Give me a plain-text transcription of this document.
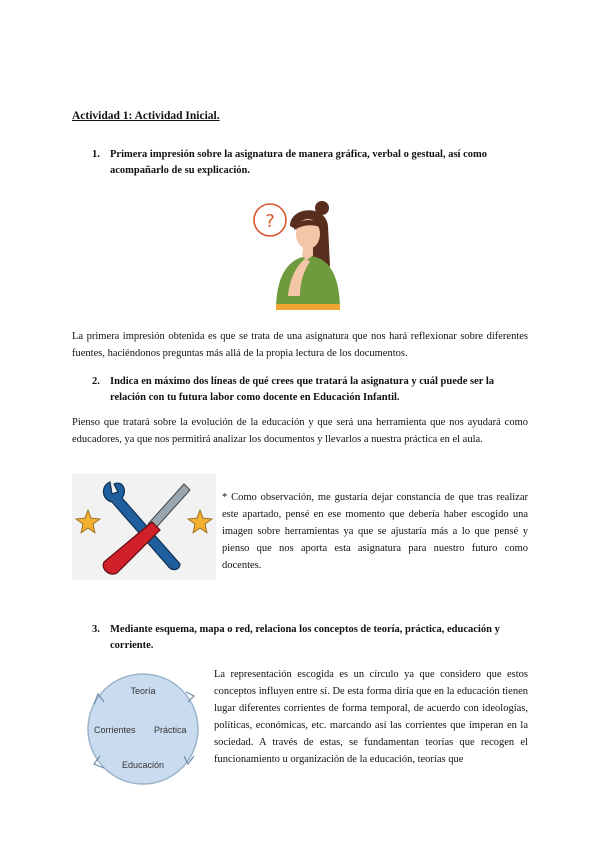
Actividad 1: Actividad Inicial.
1. Primera impresión sobre la asignatura de manera gráfica, verbal o gestual, así como acompañarlo de su explicación.
?
La primera impresión obtenida es que se trata de una asignatura que nos hará reflexionar sobre diferentes fuentes, haciéndonos preguntas más allá de la propia lectura de los documentos.
2. Indica en máximo dos líneas de qué crees que tratará la asignatura y cuál puede ser la relación con tu futura labor como docente en Educación Infantil.
Pienso que tratará sobre la evolución de la educación y que será una herramienta que nos ayudará como educadores, ya que nos permitirá analizar los documentos y llevarlos a nuestra práctica en el aula.
* Como observación, me gustaría dejar constancia de que tras realizar este apartado, pensé en ese momento que debería haber escogido una imagen sobre herramientas ya que se ajustaría más a lo que pensé y pienso que nos aporta esta asignatura para nuestro futuro como docentes.
3. Mediante esquema, mapa o red, relaciona los conceptos de teoría, práctica, educación y corriente.
Teoría
Corrientes Práctica
Educación
La representación escogida es un círculo ya que considero que estos conceptos influyen entre sí. De esta forma diría que en la educación tienen lugar diferentes corrientes de forma temporal, de acuerdo con ideologías, políticas, económicas, etc. marcando así las corrientes que imperan en la sociedad. A través de estas, se fundamentan teorías que recogen el funcionamiento u organización de la educación, teorías que
